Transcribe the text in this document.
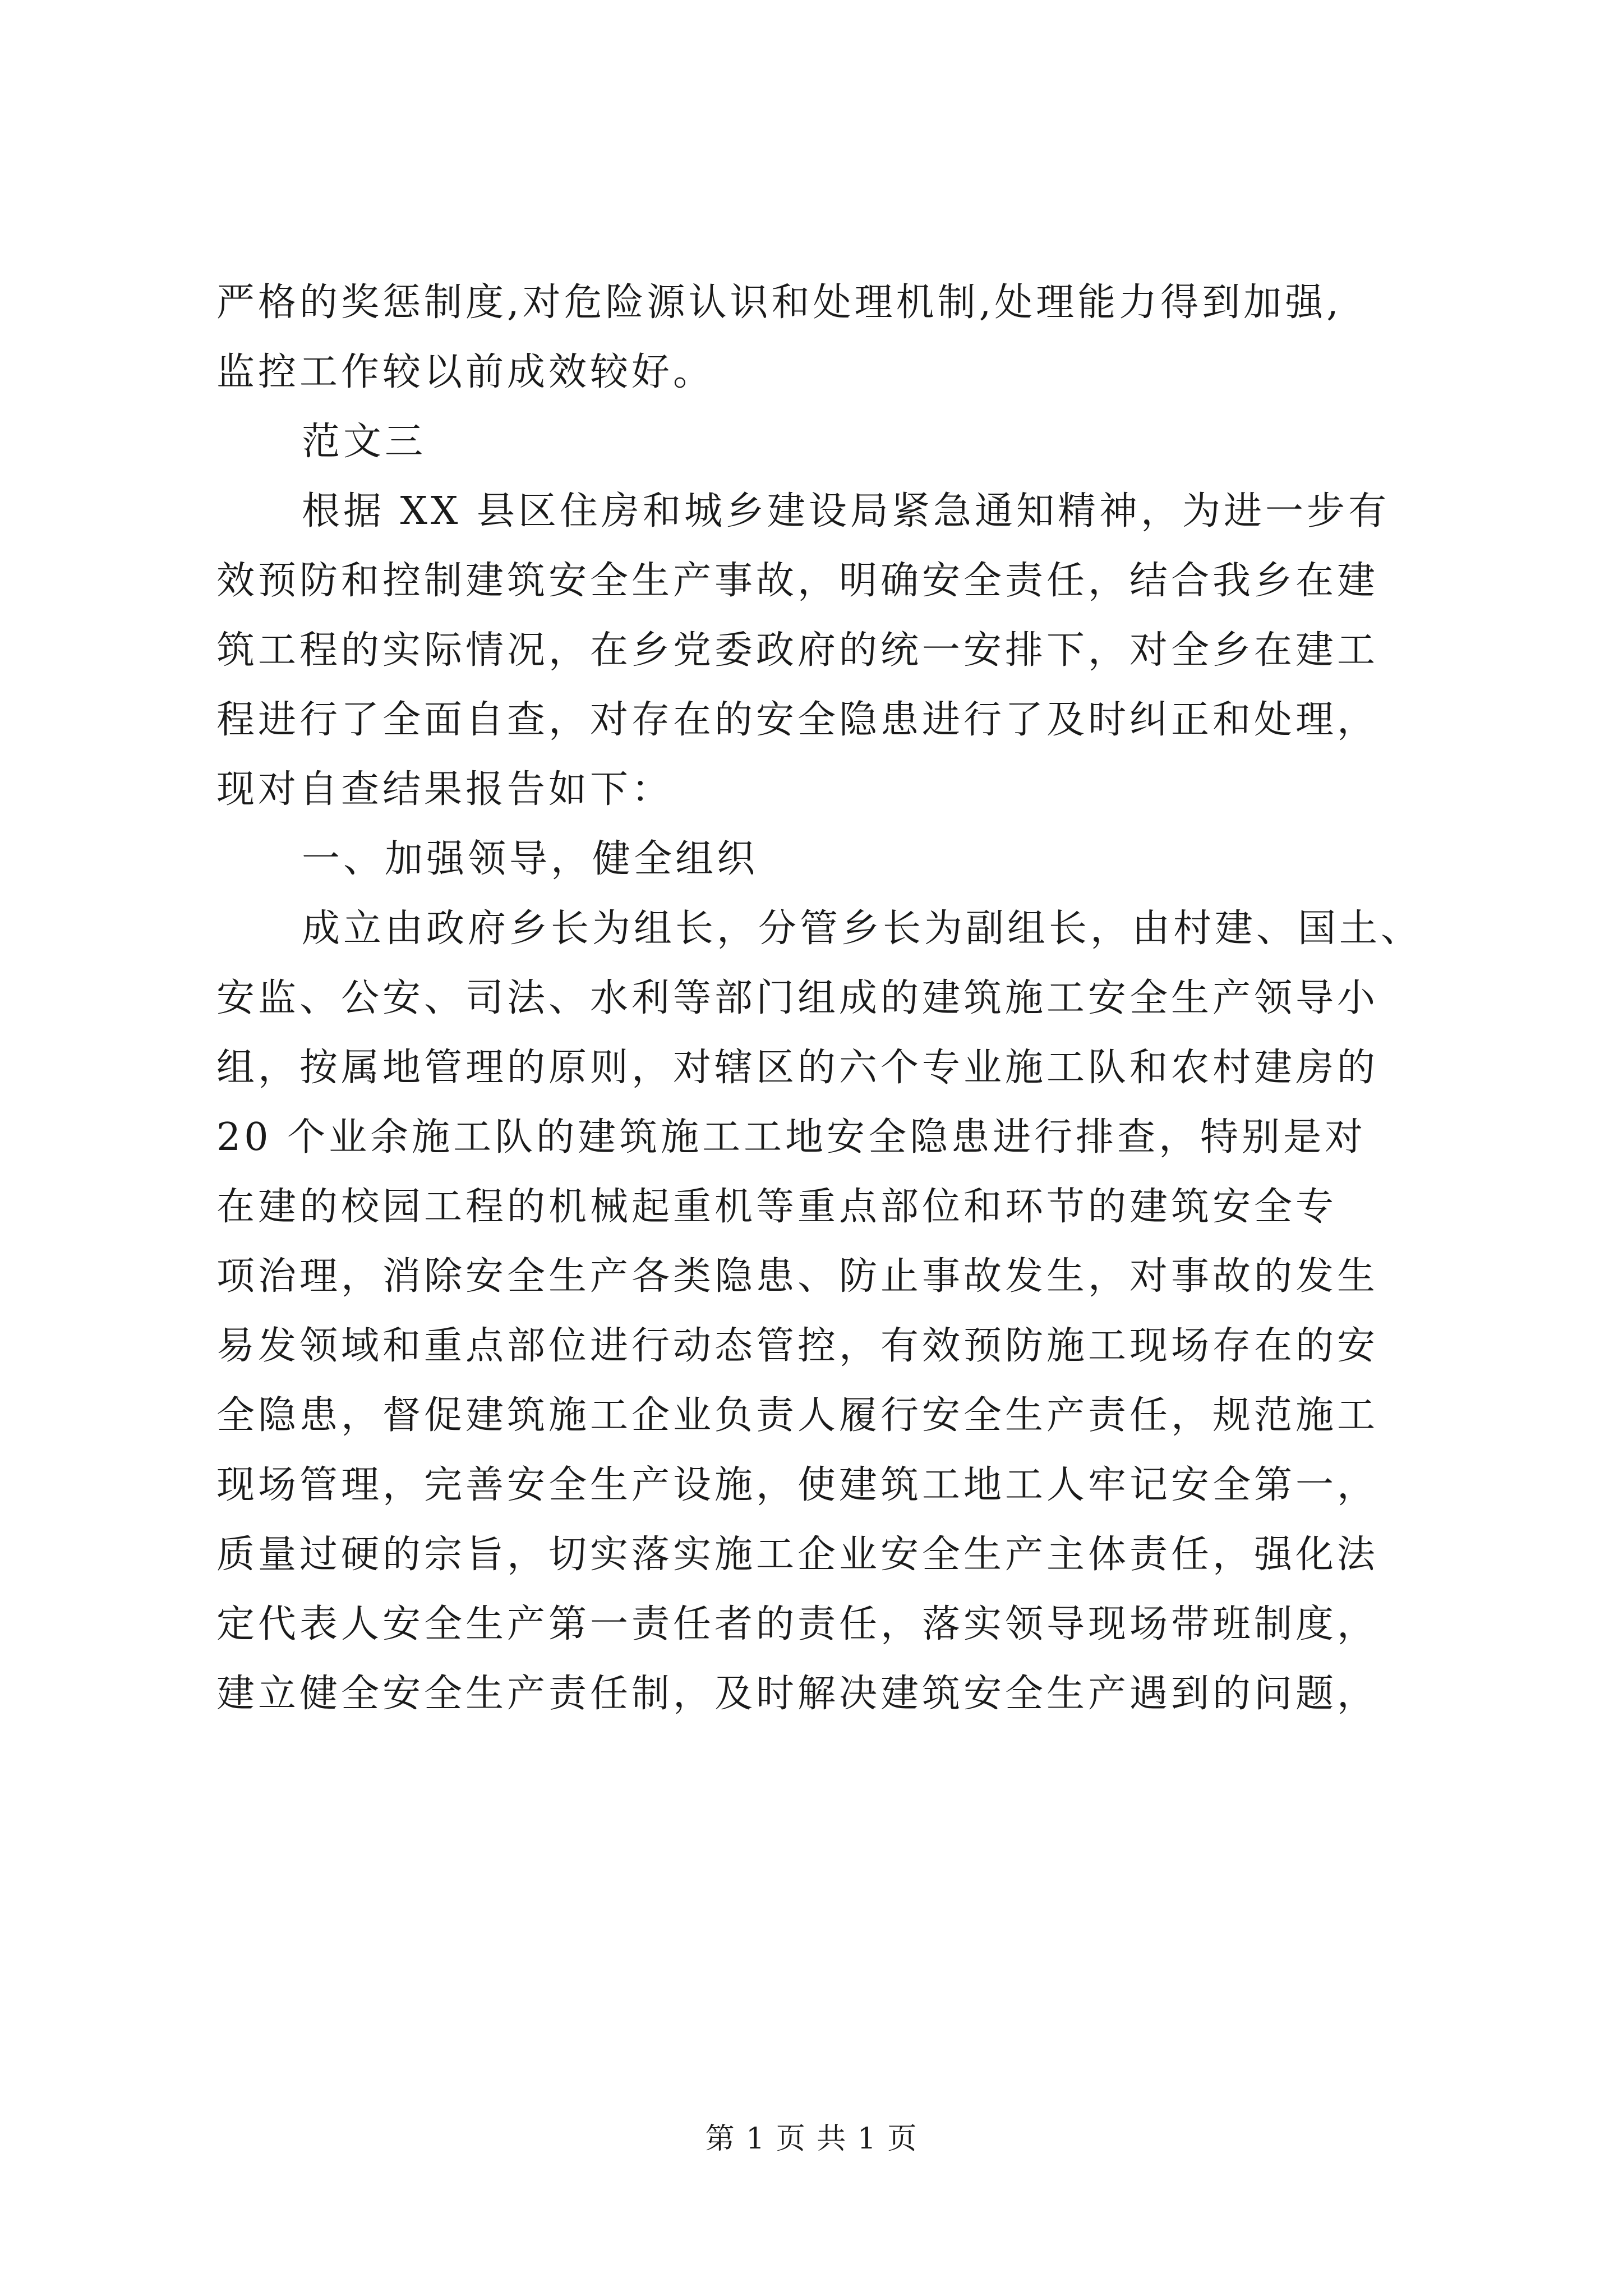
严格的奖惩制度,对危险源认识和处理机制,处理能力得到加强,
监控工作较以前成效较好。
范文三
根据 XX 县区住房和城乡建设局紧急通知精神，为进一步有
效预防和控制建筑安全生产事故，明确安全责任，结合我乡在建
筑工程的实际情况，在乡党委政府的统一安排下，对全乡在建工
程进行了全面自查，对存在的安全隐患进行了及时纠正和处理，
现对自查结果报告如下：
一、加强领导，健全组织
成立由政府乡长为组长，分管乡长为副组长，由村建、国土、
安监、公安、司法、水利等部门组成的建筑施工安全生产领导小
组，按属地管理的原则，对辖区的六个专业施工队和农村建房的
20 个业余施工队的建筑施工工地安全隐患进行排查，特别是对
在建的校园工程的机械起重机等重点部位和环节的建筑安全专
项治理，消除安全生产各类隐患、防止事故发生，对事故的发生
易发领域和重点部位进行动态管控，有效预防施工现场存在的安
全隐患，督促建筑施工企业负责人履行安全生产责任，规范施工
现场管理，完善安全生产设施，使建筑工地工人牢记安全第一，
质量过硬的宗旨，切实落实施工企业安全生产主体责任，强化法
定代表人安全生产第一责任者的责任，落实领导现场带班制度，
建立健全安全生产责任制，及时解决建筑安全生产遇到的问题，
第 1 页 共 1 页
